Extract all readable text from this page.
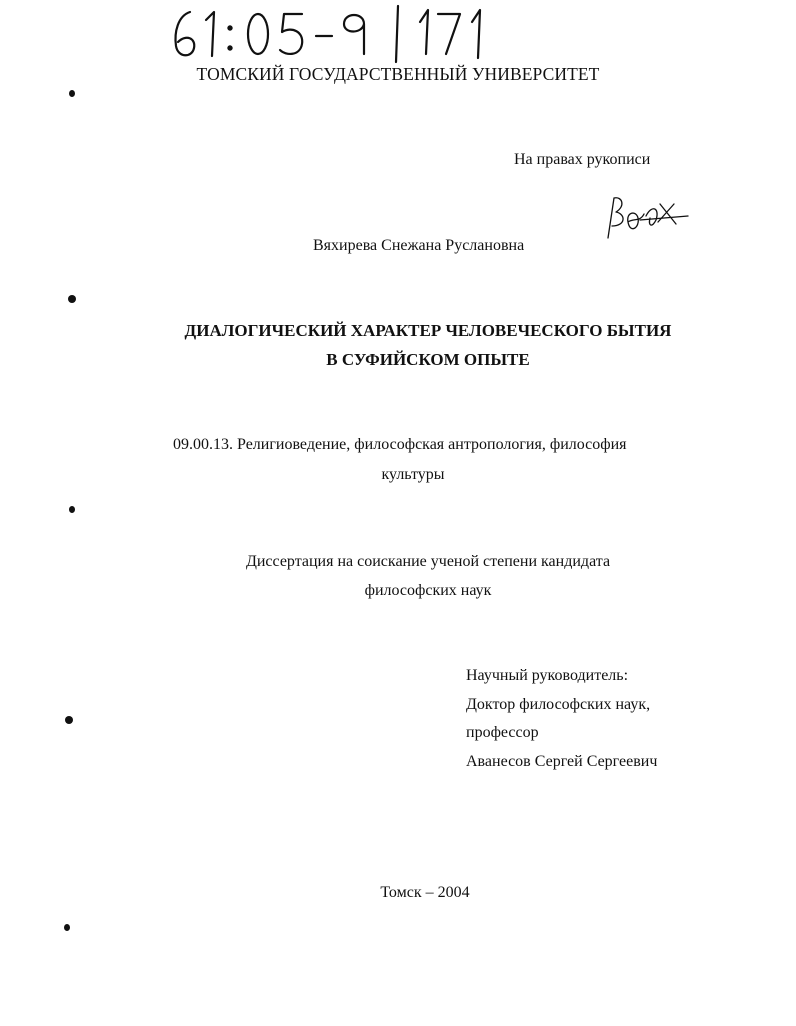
ТОМСКИЙ ГОСУДАРСТВЕННЫЙ УНИВЕРСИТЕТ
На правах рукописи
Вяхирева Снежана Руслановна
ДИАЛОГИЧЕСКИЙ ХАРАКТЕР ЧЕЛОВЕЧЕСКОГО БЫТИЯ
В СУФИЙСКОМ ОПЫТЕ
09.00.13. Религиоведение, философская антропология, философия
культуры
Диссертация на соискание ученой степени кандидата
философских наук
Научный руководитель:
Доктор философских наук,
профессор
Аванесов Сергей Сергеевич
Томск – 2004
